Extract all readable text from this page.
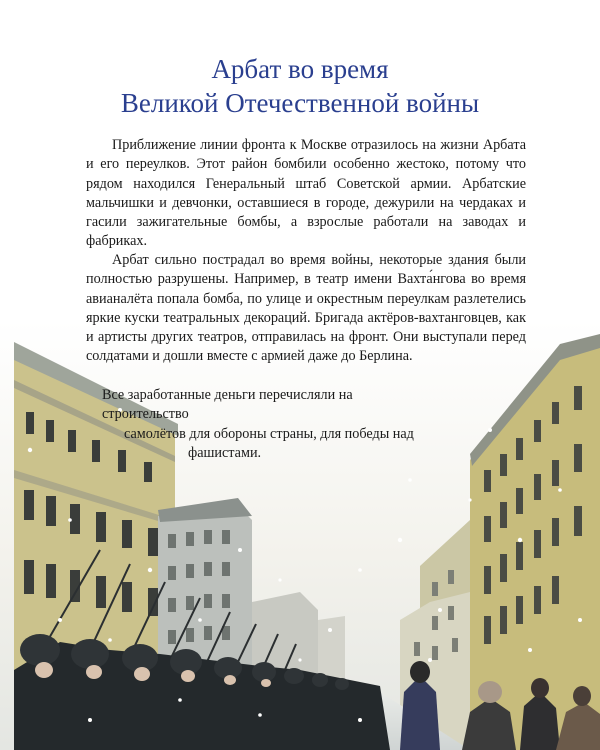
Арбат во время
Великой Отечественной войны

Приближение линии фронта к Москве отразилось на жизни Арбата и его переулков. Этот район бомбили особенно жестоко, потому что рядом находился Генеральный штаб Советской армии. Арбатские мальчишки и девчонки, оставшиеся в городе, дежурили на чердаках и гасили зажигательные бомбы, а взрослые работали на заводах и фабриках.

Арбат сильно пострадал во время войны, некоторые здания были полностью разрушены. Например, в театр имени Вахта́нгова во время авианалёта попала бомба, по улице и окрестным переулкам разлетелись яркие куски театральных декораций. Бригада актёров-вахтанговцев, как и артисты других театров, отправилась на фронт. Они выступали перед солдатами и дошли вместе с армией даже до Берлина.

Все заработанные деньги перечисляли на строительство
самолётов для обороны страны, для победы над
фашистами.
